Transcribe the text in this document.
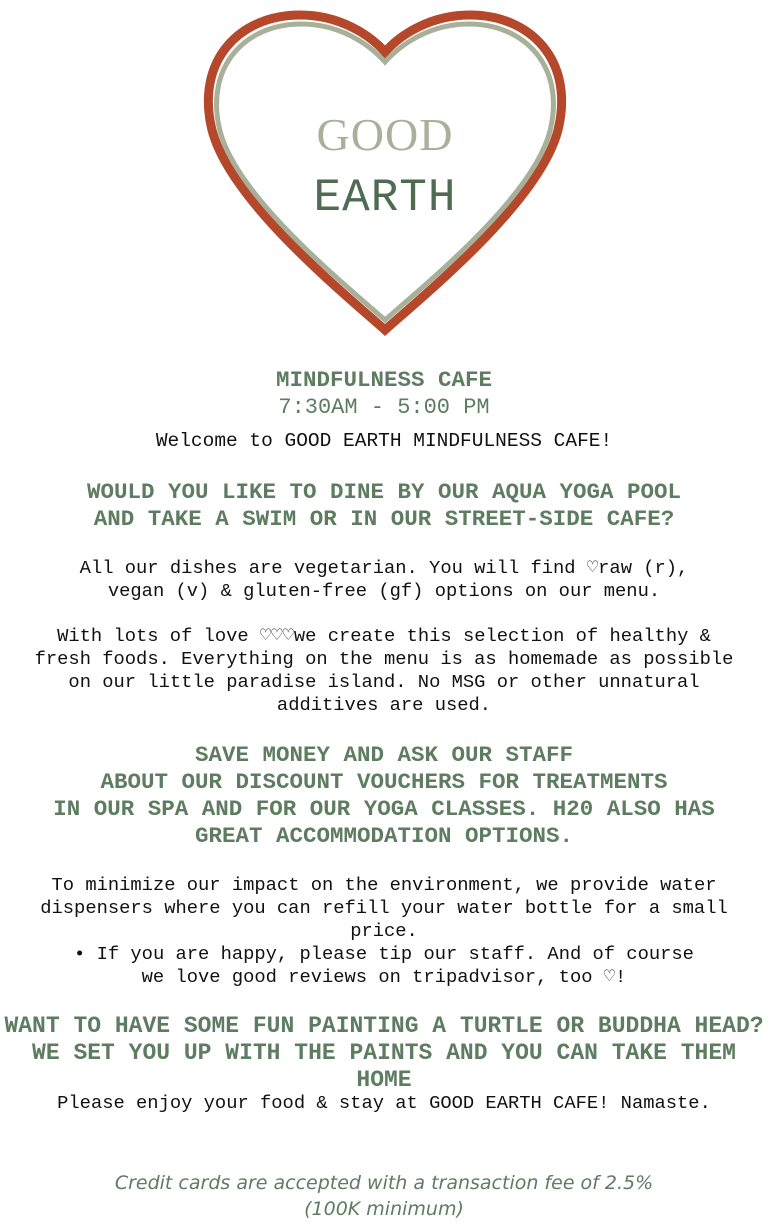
GOOD
EARTH
MINDFULNESS CAFE
7:30AM - 5:00 PM
Welcome to GOOD EARTH MINDFULNESS CAFE!
WOULD YOU LIKE TO DINE BY OUR AQUA YOGA POOL
AND TAKE A SWIM OR IN OUR STREET-SIDE CAFE?
All our dishes are vegetarian. You will find ♡raw (r),
vegan (v) & gluten-free (gf) options on our menu.
With lots of love ♡♡♡we create this selection of healthy &
fresh foods. Everything on the menu is as homemade as possible
on our little paradise island. No MSG or other unnatural
additives are used.
SAVE MONEY AND ASK OUR STAFF
ABOUT OUR DISCOUNT VOUCHERS FOR TREATMENTS
IN OUR SPA AND FOR OUR YOGA CLASSES. H20 ALSO HAS
GREAT ACCOMMODATION OPTIONS.
To minimize our impact on the environment, we provide water
dispensers where you can refill your water bottle for a small
price.
• If you are happy, please tip our staff. And of course
we love good reviews on tripadvisor, too ♡!
WANT TO HAVE SOME FUN PAINTING A TURTLE OR BUDDHA HEAD?
WE SET YOU UP WITH THE PAINTS AND YOU CAN TAKE THEM HOME
Please enjoy your food & stay at GOOD EARTH CAFE! Namaste.
Credit cards are accepted with a transaction fee of 2.5%
(100K minimum)
